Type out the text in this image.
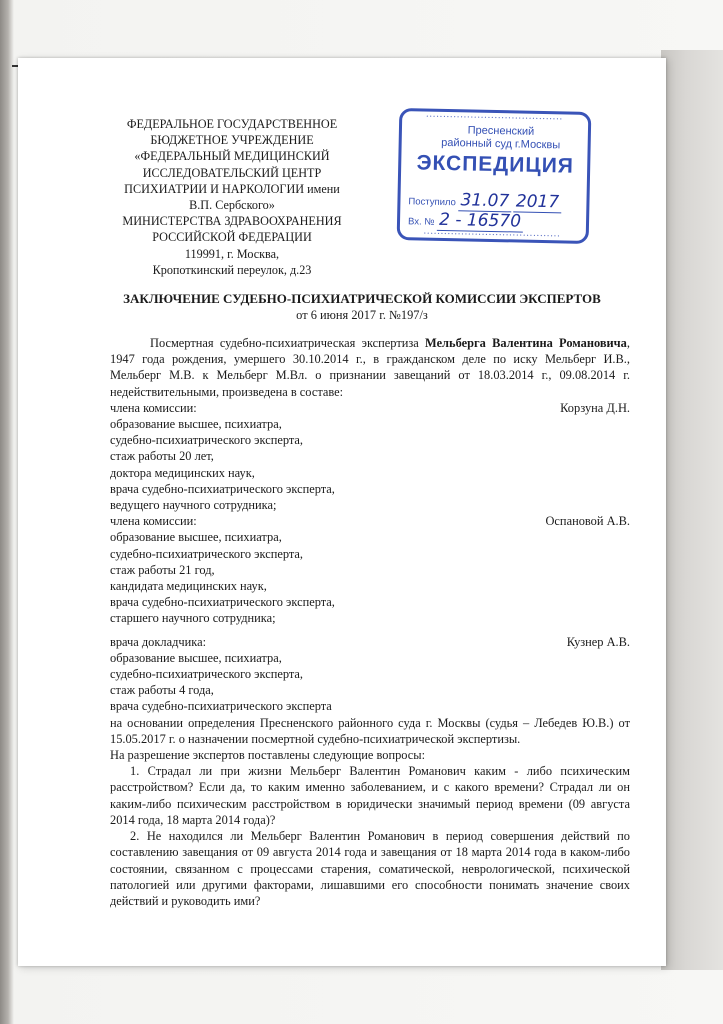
ФЕДЕРАЛЬНОЕ ГОСУДАРСТВЕННОЕ
БЮДЖЕТНОЕ УЧРЕЖДЕНИЕ
«ФЕДЕРАЛЬНЫЙ МЕДИЦИНСКИЙ
ИССЛЕДОВАТЕЛЬСКИЙ ЦЕНТР
ПСИХИАТРИИ И НАРКОЛОГИИ имени
В.П. Сербского»
МИНИСТЕРСТВА ЗДРАВООХРАНЕНИЯ
РОССИЙСКОЙ ФЕДЕРАЦИИ
119991, г. Москва,
Кропоткинский переулок, д.23
• • • • • • • • • • • • • • • • • • • • • • • • • • • • • • • • • • • • • • • •
Пресненский
районный суд г.Москвы
ЭКСПЕДИЦИЯ
Поступило 31.07 2017
Вх. № 2 - 16570
• • • • • • • • • • • • • • • • • • • • • • • • • • • • • • • • • • • • • • • •
ЗАКЛЮЧЕНИЕ СУДЕБНО-ПСИХИАТРИЧЕСКОЙ КОМИССИИ ЭКСПЕРТОВ
от 6 июня 2017 г. №197/з
Посмертная судебно-психиатрическая экспертиза Мельберга Валентина Романовича, 1947 года рождения, умершего 30.10.2014 г., в гражданском деле по иску Мельберг И.В., Мельберг М.В. к Мельберг М.Вл. о признании завещаний от 18.03.2014 г., 09.08.2014 г. недействительными, произведена в составе:
члена комиссии:	Корзуна Д.Н.
образование высшее, психиатра,
судебно-психиатрического эксперта,
стаж работы 20 лет,
доктора медицинских наук,
врача судебно-психиатрического эксперта,
ведущего научного сотрудника;
члена комиссии:	Оспановой А.В.
образование высшее, психиатра,
судебно-психиатрического эксперта,
стаж работы 21 год,
кандидата медицинских наук,
врача судебно-психиатрического эксперта,
старшего научного сотрудника;
врача докладчика:	Кузнер А.В.
образование высшее, психиатра,
судебно-психиатрического эксперта,
стаж работы 4 года,
врача судебно-психиатрического эксперта
на основании определения Пресненского районного суда г. Москвы (судья – Лебедев Ю.В.) от 15.05.2017 г. о назначении посмертной судебно-психиатрической экспертизы.
На разрешение экспертов поставлены следующие вопросы:
1. Страдал ли при жизни Мельберг Валентин Романович каким - либо психическим расстройством? Если да, то каким именно заболеванием, и с какого времени? Страдал ли он каким-либо психическим расстройством в юридически значимый период времени (09 августа 2014 года, 18 марта 2014 года)?
2. Не находился ли Мельберг Валентин Романович в период совершения действий по составлению завещания от 09 августа 2014 года и завещания от 18 марта 2014 года в каком-либо состоянии, связанном с процессами старения, соматической, неврологической, психической патологией или другими факторами, лишавшими его способности понимать значение своих действий и руководить ими?
